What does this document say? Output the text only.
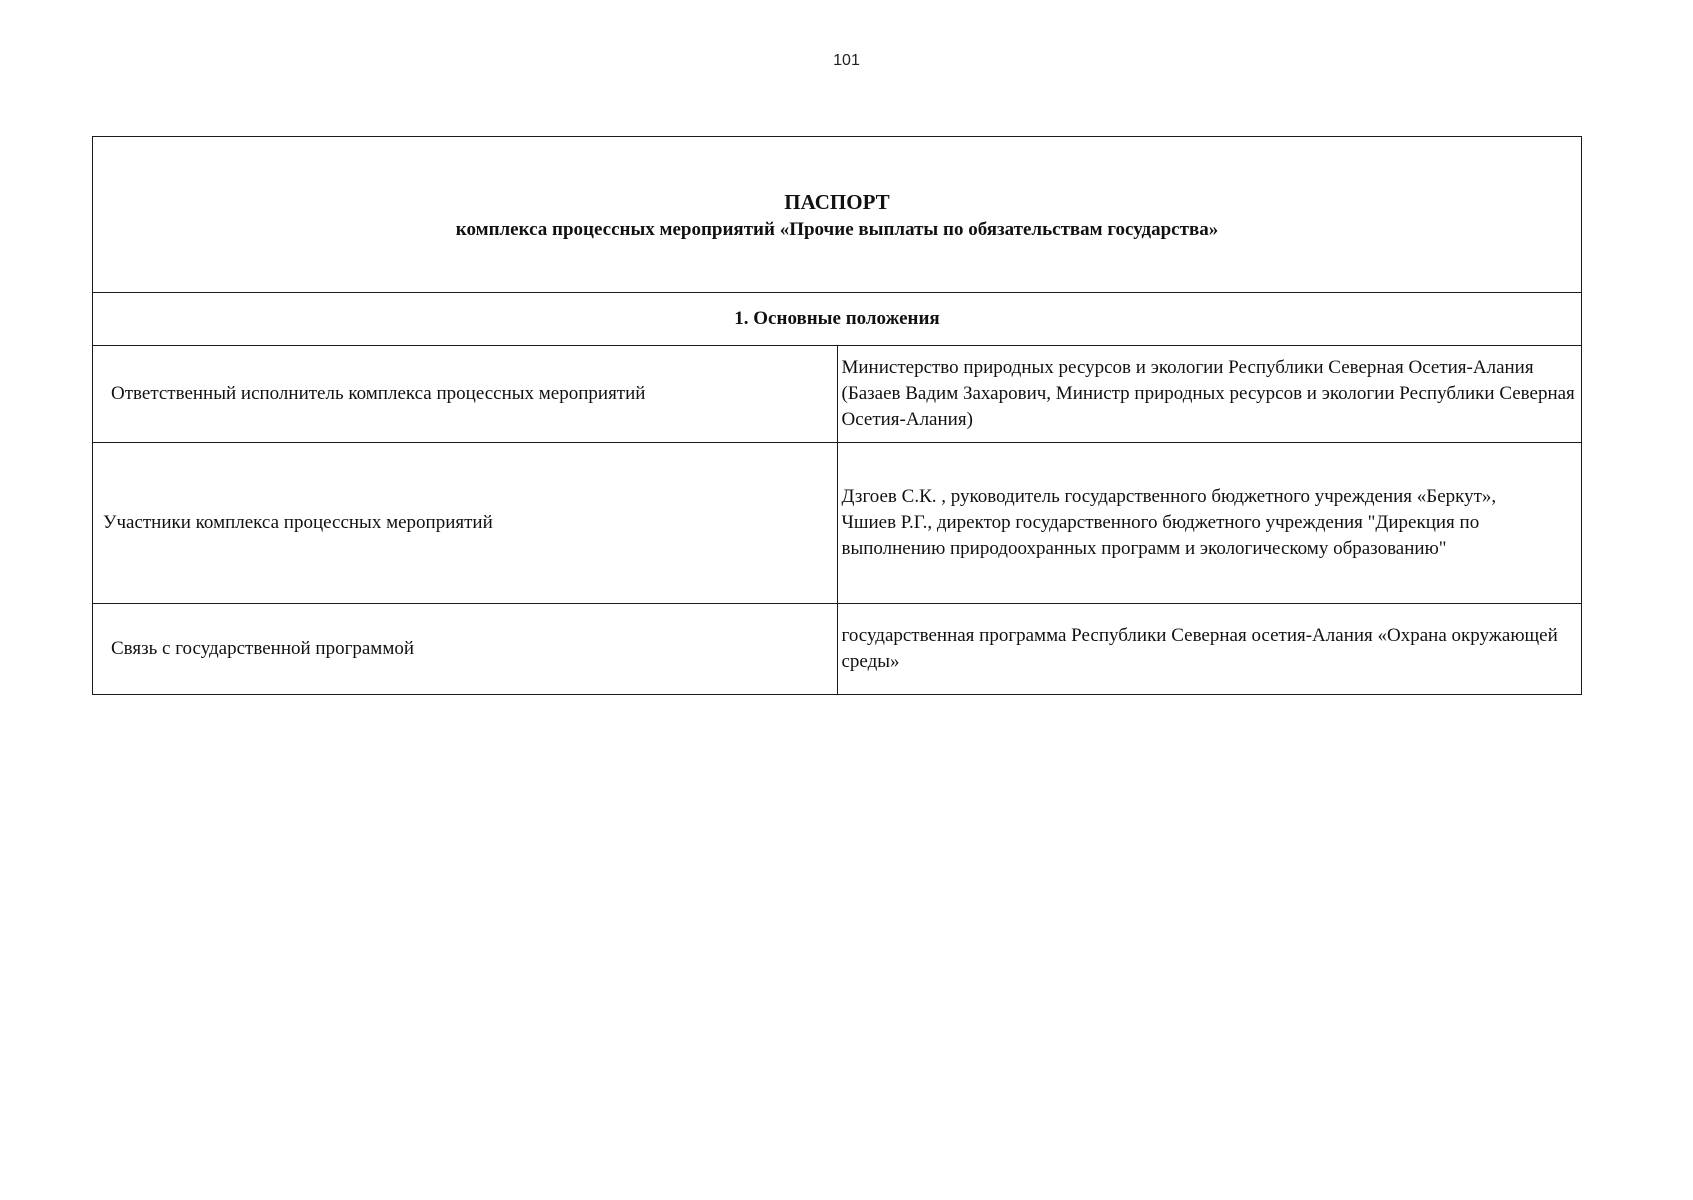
101
ПАСПОРТ
комплекса процессных мероприятий «Прочие выплаты по обязательствам государства»	

1. Основные положения	
Ответственный исполнитель комплекса процессных мероприятий	Министерство природных ресурсов и экологии Республики Северная Осетия-Алания (Базаев Вадим Захарович, Министр природных ресурсов и экологии Республики Северная Осетия-Алания)

Участники комплекса процессных мероприятий	Дзгоев С.К. , руководитель государственного бюджетного учреждения «Беркут»,
Чшиев Р.Г., директор государственного бюджетного учреждения "Дирекция по выполнению природоохранных программ и экологическому образованию"

Связь с государственной программой	государственная программа Республики Северная осетия-Алания «Охрана окружающей среды»
